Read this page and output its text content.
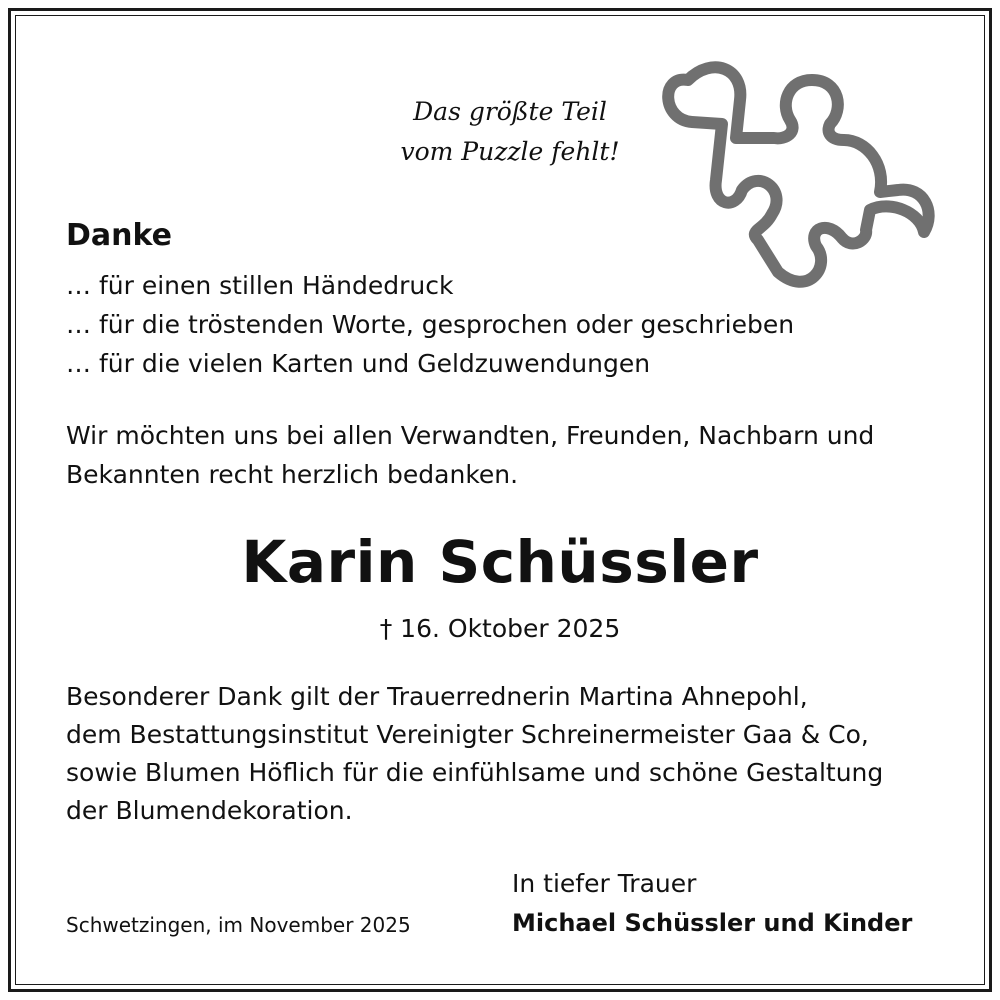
Das größte Teil
vom Puzzle fehlt!

Danke
… für einen stillen Händedruck
… für die tröstenden Worte, gesprochen oder geschrieben
… für die vielen Karten und Geldzuwendungen

Wir möchten uns bei allen Verwandten, Freunden, Nachbarn und
Bekannten recht herzlich bedanken.

Karin Schüssler

† 16. Oktober 2025

Besonderer Dank gilt der Trauerrednerin Martina Ahnepohl,
dem Bestattungsinstitut Vereinigter Schreinermeister Gaa & Co,
sowie Blumen Höflich für die einfühlsame und schöne Gestaltung
der Blumendekoration.

In tiefer Trauer

Michael Schüssler und Kinder

Schwetzingen, im November 2025
